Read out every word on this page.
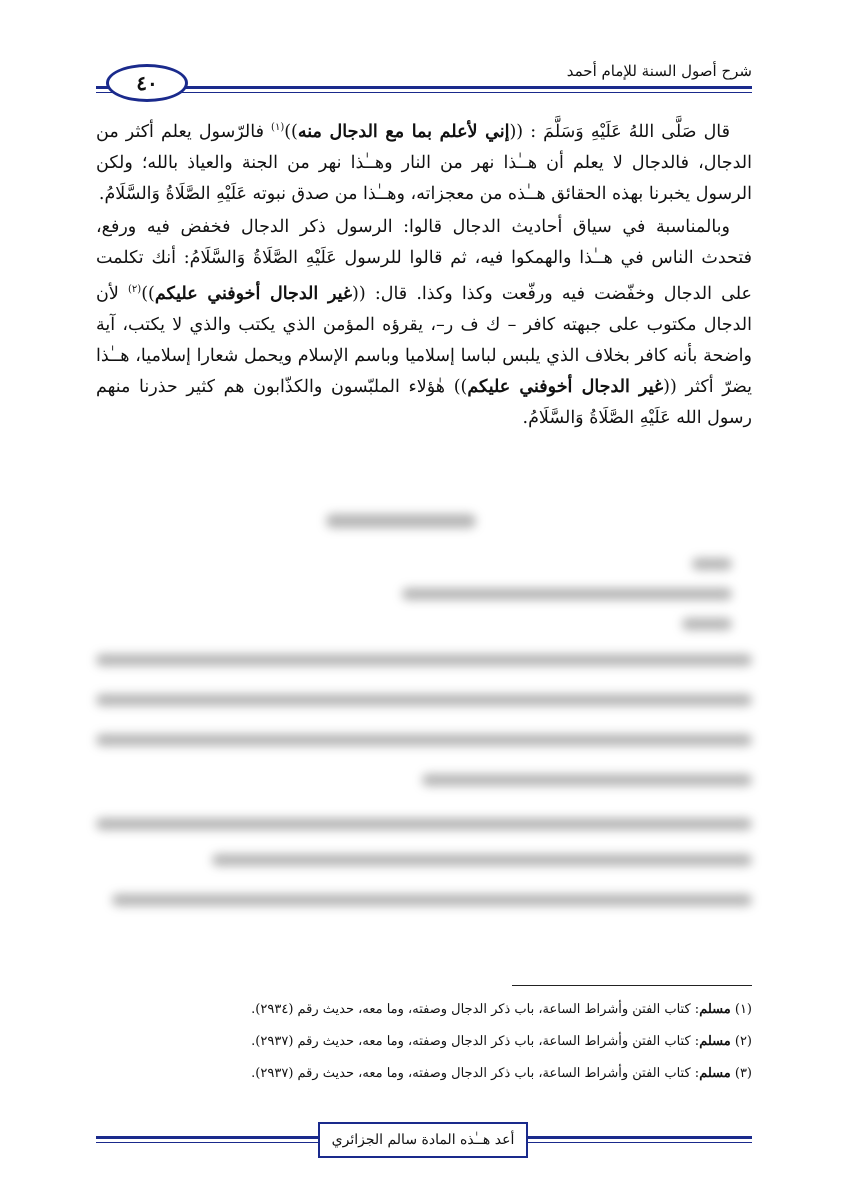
شرح أصول السنة للإمام أحمد
٤٠

قال صَلَّى اللهُ عَلَيْهِ وَسَلَّمَ : ((إني لأعلم بما مع الدجال منه))$^{(١)}$ فالرّسول يعلم أكثر من الدجال، فالدجال لا يعلم أن هــٰذا نهر من النار وهــٰذا نهر من الجنة والعياذ بالله؛ ولكن الرسول يخبرنا بهذه الحقائق هــٰذه من معجزاته، وهــٰذا من صدق نبوته عَلَيْهِ الصَّلَاةُ وَالسَّلَامُ.

وبالمناسبة في سياق أحاديث الدجال قالوا: الرسول ذكر الدجال فخفض فيه ورفع، فتحدث الناس في هــٰذا والهمكوا فيه، ثم قالوا للرسول عَلَيْهِ الصَّلَاةُ وَالسَّلَامُ: أنك تكلمت على الدجال وخفّضت فيه ورفّعت وكذا وكذا. قال: ((غير الدجال أخوفني عليكم))$^{(٢)}$ لأن الدجال مكتوب على جبهته كافر – ك ف ر–، يقرؤه المؤمن الذي يكتب والذي لا يكتب، آية واضحة بأنه كافر بخلاف الذي يلبس لباسا إسلاميا وباسم الإسلام ويحمل شعارا إسلاميا، هــٰذا يضرّ أكثر ((غير الدجال أخوفني عليكم)) هٰؤلاء الملبّسون والكذّابون هم كثير حذرنا منهم رسول الله عَلَيْهِ الصَّلَاةُ وَالسَّلَامُ.

(١) مسلم: كتاب الفتن وأشراط الساعة، باب ذكر الدجال وصفته، وما معه، حديث رقم (٢٩٣٤).
(٢) مسلم: كتاب الفتن وأشراط الساعة، باب ذكر الدجال وصفته، وما معه، حديث رقم (٢٩٣٧).
(٣) مسلم: كتاب الفتن وأشراط الساعة، باب ذكر الدجال وصفته، وما معه، حديث رقم (٢٩٣٧).
أعد هــٰذه المادة سالم الجزائري
